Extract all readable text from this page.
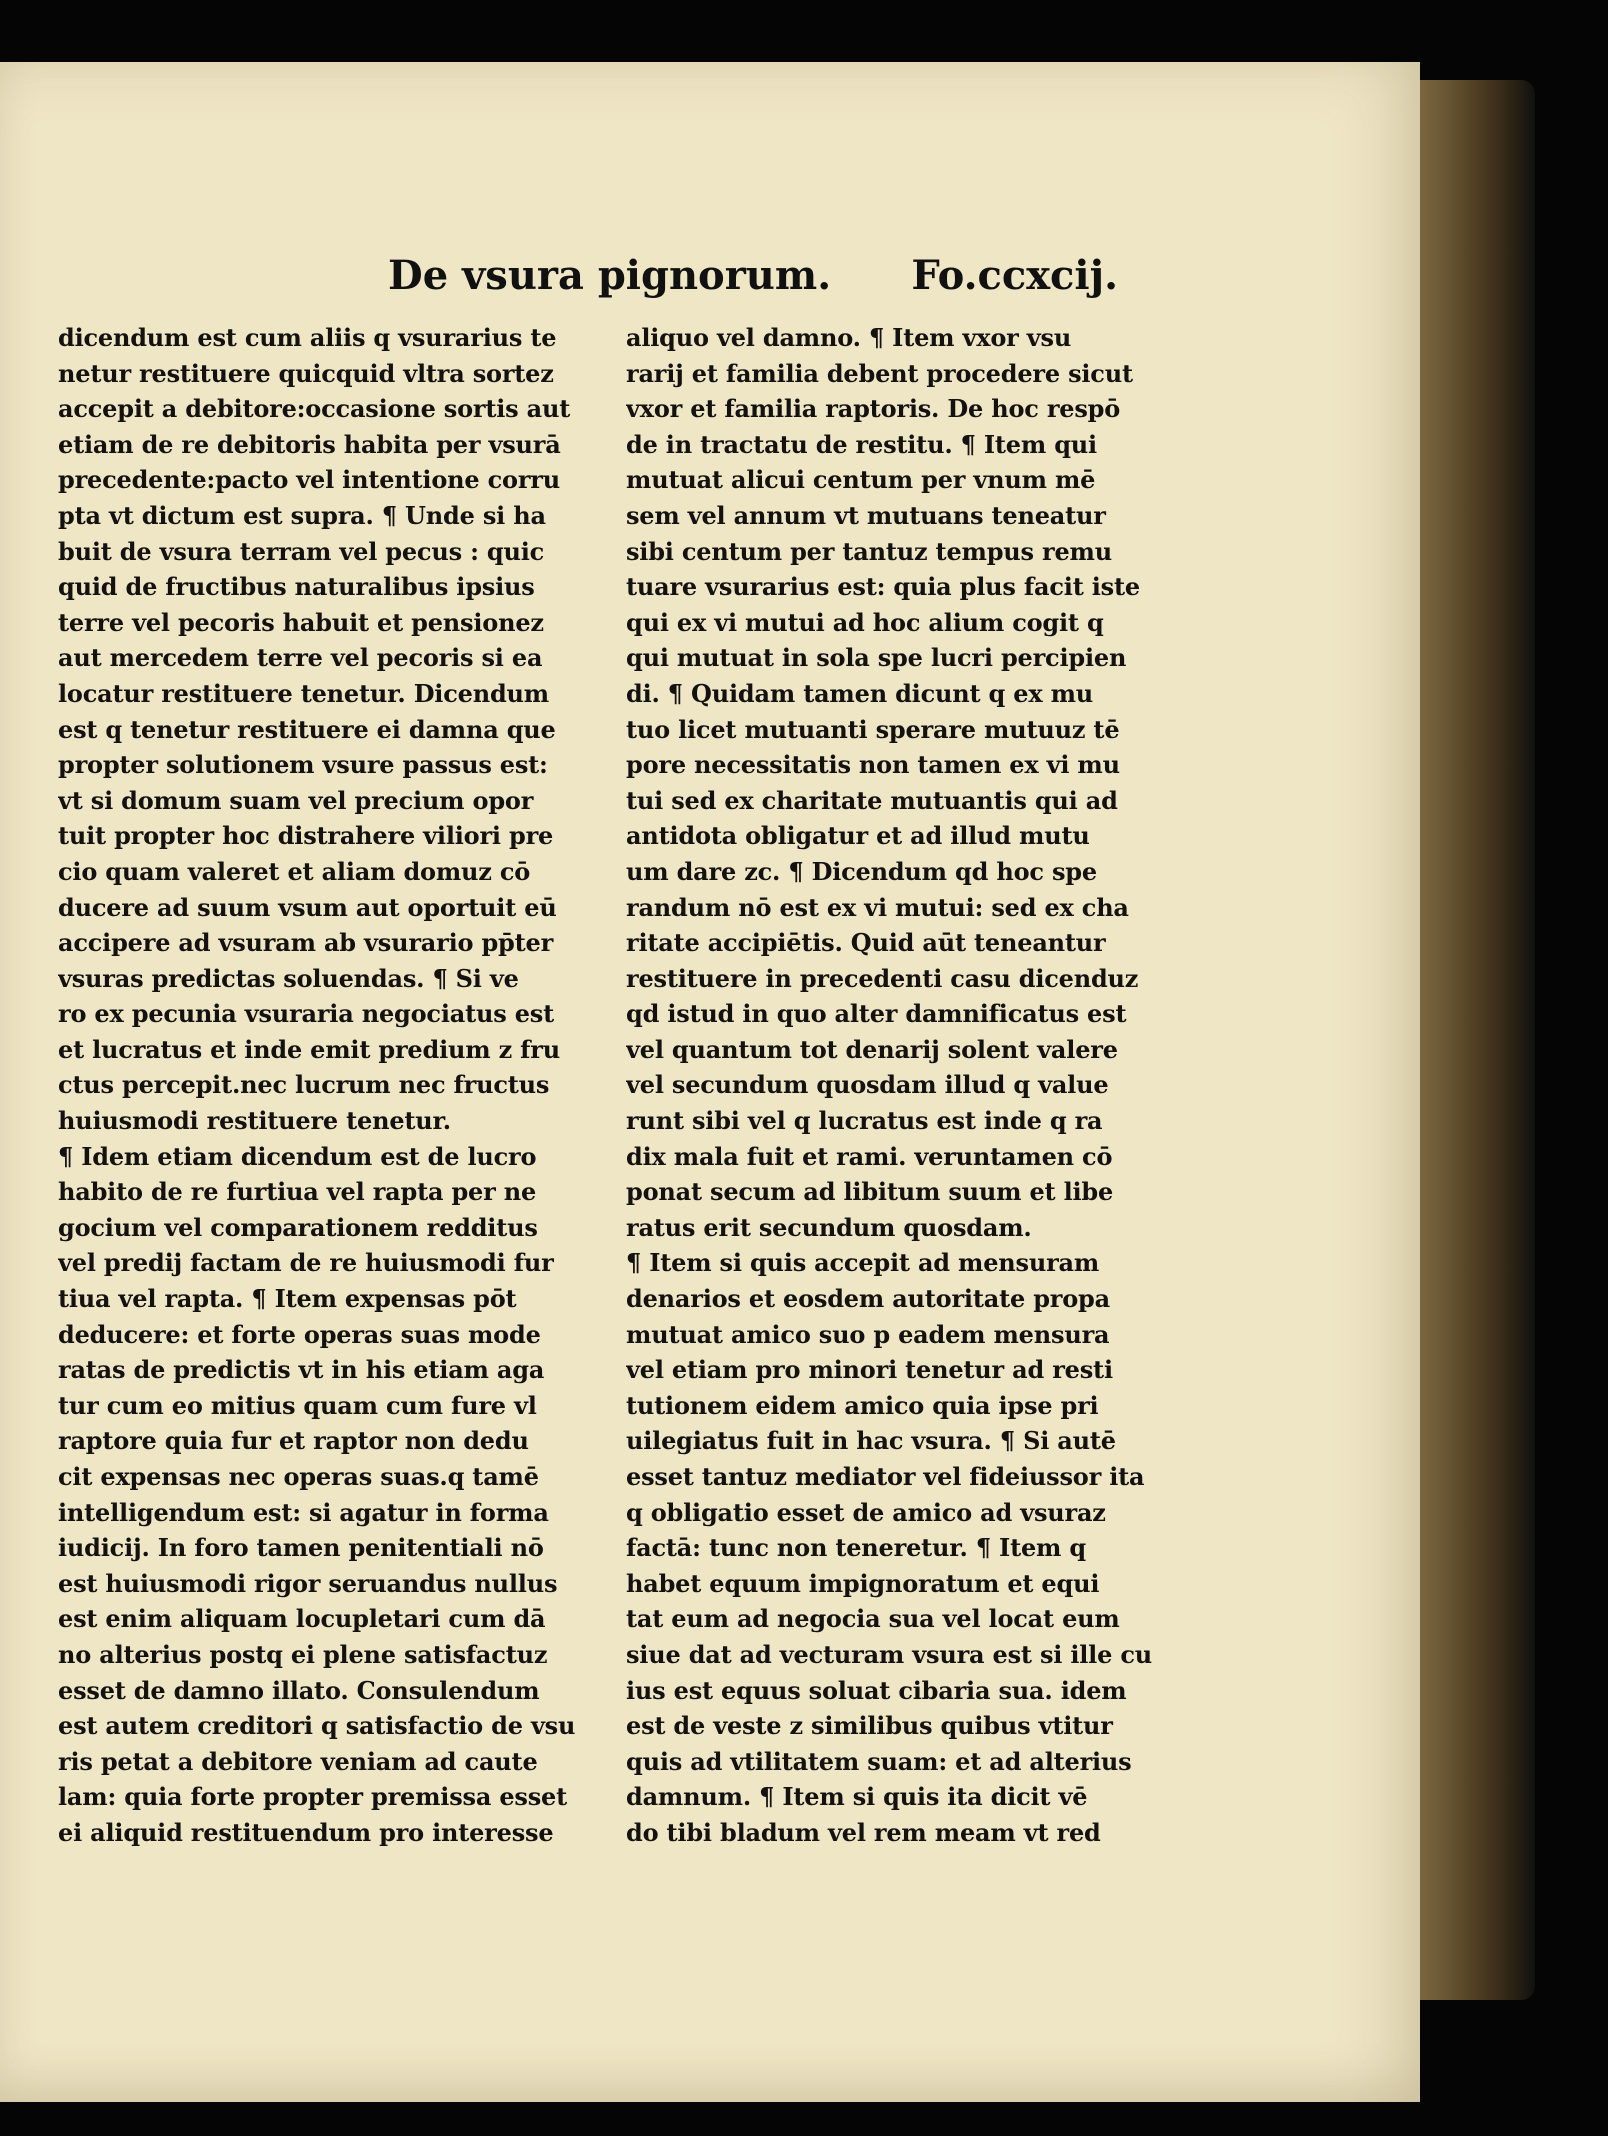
De vsura pignorum. Fo.ccxcij.
dicendum est cum aliis q vsurarius te
netur restituere quicquid vltra sortez
accepit a debitore:occasione sortis aut
etiam de re debitoris habita per vsurā
precedente:pacto vel intentione corru
pta vt dictum est supra. ¶ Unde si ha
buit de vsura terram vel pecus : quic
quid de fructibus naturalibus ipsius
terre vel pecoris habuit et pensionez
aut mercedem terre vel pecoris si ea
locatur restituere tenetur. Dicendum
est q tenetur restituere ei damna que
propter solutionem vsure passus est:
vt si domum suam vel precium opor
tuit propter hoc distrahere viliori pre
cio quam valeret et aliam domuz cō
ducere ad suum vsum aut oportuit eū
accipere ad vsuram ab vsurario pp̄ter
vsuras predictas soluendas. ¶ Si ve
ro ex pecunia vsuraria negociatus est
et lucratus et inde emit predium z fru
ctus percepit.nec lucrum nec fructus
huiusmodi restituere tenetur.
¶ Idem etiam dicendum est de lucro
habito de re furtiua vel rapta per ne
gocium vel comparationem redditus
vel predij factam de re huiusmodi fur
tiua vel rapta. ¶ Item expensas pōt
deducere: et forte operas suas mode
ratas de predictis vt in his etiam aga
tur cum eo mitius quam cum fure vl
raptore quia fur et raptor non dedu
cit expensas nec operas suas.q tamē
intelligendum est: si agatur in forma
iudicij. In foro tamen penitentiali nō
est huiusmodi rigor seruandus nullus
est enim aliquam locupletari cum dā
no alterius postq ei plene satisfactuz
esset de damno illato. Consulendum
est autem creditori q satisfactio de vsu
ris petat a debitore veniam ad caute
lam: quia forte propter premissa esset
ei aliquid restituendum pro interesse
aliquo vel damno. ¶ Item vxor vsu
rarij et familia debent procedere sicut
vxor et familia raptoris. De hoc respō
de in tractatu de restitu. ¶ Item qui
mutuat alicui centum per vnum mē
sem vel annum vt mutuans teneatur
sibi centum per tantuz tempus remu
tuare vsurarius est: quia plus facit iste
qui ex vi mutui ad hoc alium cogit q
qui mutuat in sola spe lucri percipien
di. ¶ Quidam tamen dicunt q ex mu
tuo licet mutuanti sperare mutuuz tē
pore necessitatis non tamen ex vi mu
tui sed ex charitate mutuantis qui ad
antidota obligatur et ad illud mutu
um dare zc. ¶ Dicendum qd hoc spe
randum nō est ex vi mutui: sed ex cha
ritate accipiētis. Quid aūt teneantur
restituere in precedenti casu dicenduz
qd istud in quo alter damnificatus est
vel quantum tot denarij solent valere
vel secundum quosdam illud q value
runt sibi vel q lucratus est inde q ra
dix mala fuit et rami. veruntamen cō
ponat secum ad libitum suum et libe
ratus erit secundum quosdam.
¶ Item si quis accepit ad mensuram
denarios et eosdem autoritate propa
mutuat amico suo p eadem mensura
vel etiam pro minori tenetur ad resti
tutionem eidem amico quia ipse pri
uilegiatus fuit in hac vsura. ¶ Si autē
esset tantuz mediator vel fideiussor ita
q obligatio esset de amico ad vsuraz
factā: tunc non teneretur. ¶ Item q
habet equum impignoratum et equi
tat eum ad negocia sua vel locat eum
siue dat ad vecturam vsura est si ille cu
ius est equus soluat cibaria sua. idem
est de veste z similibus quibus vtitur
quis ad vtilitatem suam: et ad alterius
damnum. ¶ Item si quis ita dicit vē
do tibi bladum vel rem meam vt red
